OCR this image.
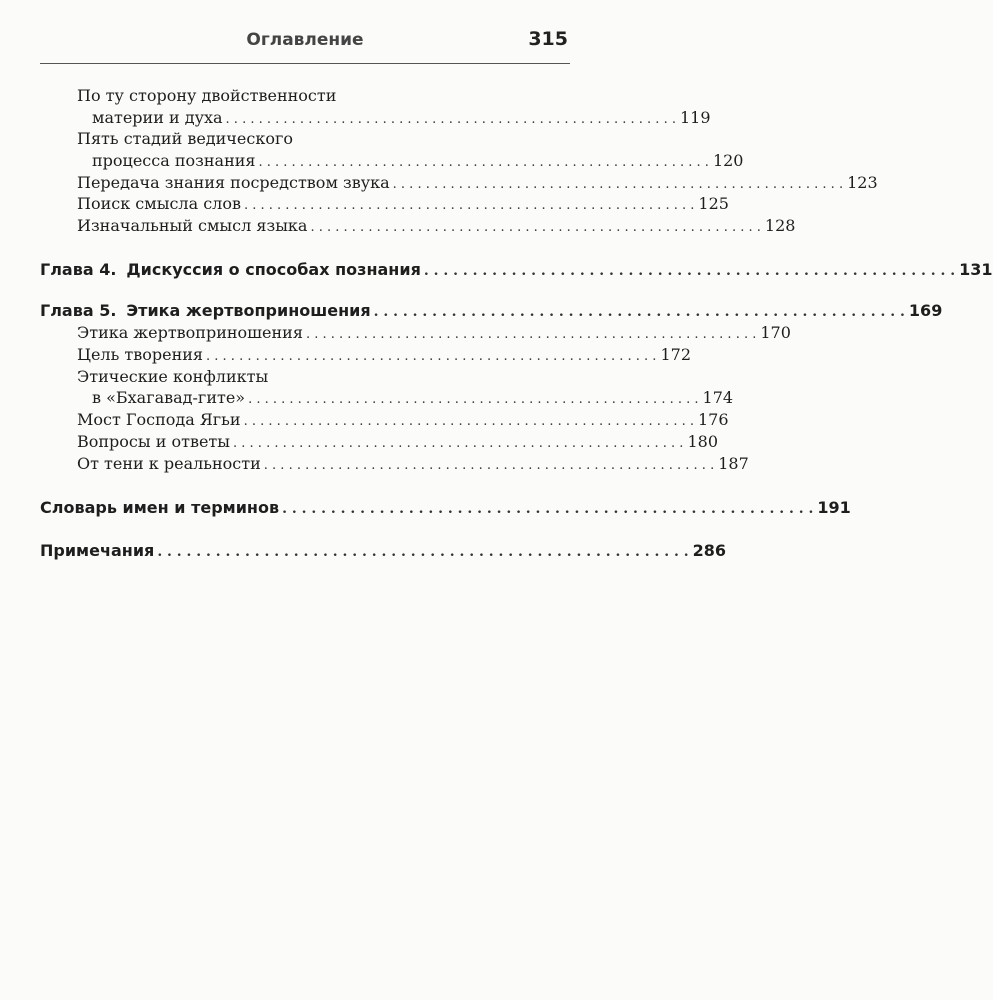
Оглавление	315
По ту сторону двойственности
материи и духа . . . . . . . . . . . . . . . . . . . . . . . . . . . . . . . . . . . . . . . . . . . . . . . . . . . . . . . 119
Пять стадий ведического
процесса познания . . . . . . . . . . . . . . . . . . . . . . . . . . . . . . . . . . . . . . . . . . . . . . . . . . . . . . . 120
Передача знания посредством звука . . . . . . . . . . . . . . . . . . . . . . . . . . . . . . . . . . . . . . . . . . . . . . . . . . . . . . . 123
Поиск смысла слов . . . . . . . . . . . . . . . . . . . . . . . . . . . . . . . . . . . . . . . . . . . . . . . . . . . . . . . 125
Изначальный смысл языка . . . . . . . . . . . . . . . . . . . . . . . . . . . . . . . . . . . . . . . . . . . . . . . . . . . . . . . 128
Глава 4. Дискуссия о способах познания . . . . . . . . . . . . . . . . . . . . . . . . . . . . . . . . . . . . . . . . . . . . . . . . . . . . . . . 131
Глава 5. Этика жертвоприношения . . . . . . . . . . . . . . . . . . . . . . . . . . . . . . . . . . . . . . . . . . . . . . . . . . . . . . . 169
Этика жертвоприношения . . . . . . . . . . . . . . . . . . . . . . . . . . . . . . . . . . . . . . . . . . . . . . . . . . . . . . . 170
Цель творения . . . . . . . . . . . . . . . . . . . . . . . . . . . . . . . . . . . . . . . . . . . . . . . . . . . . . . . 172
Этические конфликты
в «Бхагавад-гите» . . . . . . . . . . . . . . . . . . . . . . . . . . . . . . . . . . . . . . . . . . . . . . . . . . . . . . . 174
Мост Господа Ягьи . . . . . . . . . . . . . . . . . . . . . . . . . . . . . . . . . . . . . . . . . . . . . . . . . . . . . . . 176
Вопросы и ответы . . . . . . . . . . . . . . . . . . . . . . . . . . . . . . . . . . . . . . . . . . . . . . . . . . . . . . . 180
От тени к реальности . . . . . . . . . . . . . . . . . . . . . . . . . . . . . . . . . . . . . . . . . . . . . . . . . . . . . . . 187
Словарь имен и терминов . . . . . . . . . . . . . . . . . . . . . . . . . . . . . . . . . . . . . . . . . . . . . . . . . . . . . . . 191
Примечания . . . . . . . . . . . . . . . . . . . . . . . . . . . . . . . . . . . . . . . . . . . . . . . . . . . . . . . 286
